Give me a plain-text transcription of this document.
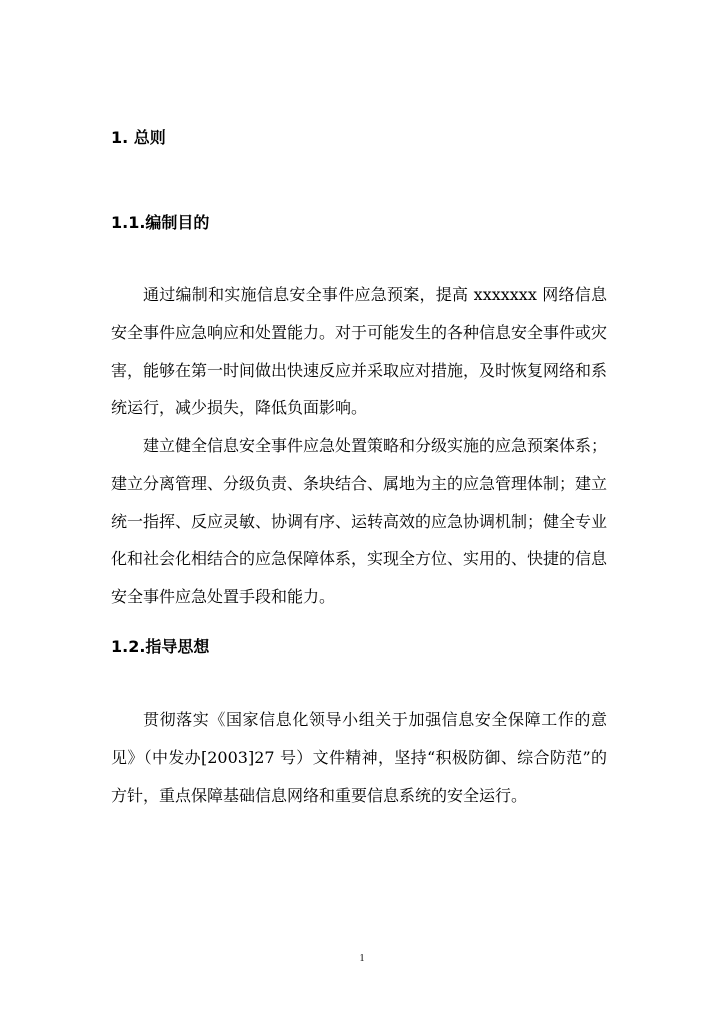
1. 总则
1.1.编制目的

通过编制和实施信息安全事件应急预案，提高 xxxxxxx 网络信息安全事件应急响应和处置能力。对于可能发生的各种信息安全事件或灾害，能够在第一时间做出快速反应并采取应对措施，及时恢复网络和系统运行，减少损失，降低负面影响。

建立健全信息安全事件应急处置策略和分级实施的应急预案体系；建立分离管理、分级负责、条块结合、属地为主的应急管理体制；建立统一指挥、反应灵敏、协调有序、运转高效的应急协调机制；健全专业化和社会化相结合的应急保障体系，实现全方位、实用的、快捷的信息安全事件应急处置手段和能力。

1.2.指导思想

贯彻落实《国家信息化领导小组关于加强信息安全保障工作的意见》（中发办[2003]27 号）文件精神，坚持“积极防御、综合防范”的方针，重点保障基础信息网络和重要信息系统的安全运行。

1
